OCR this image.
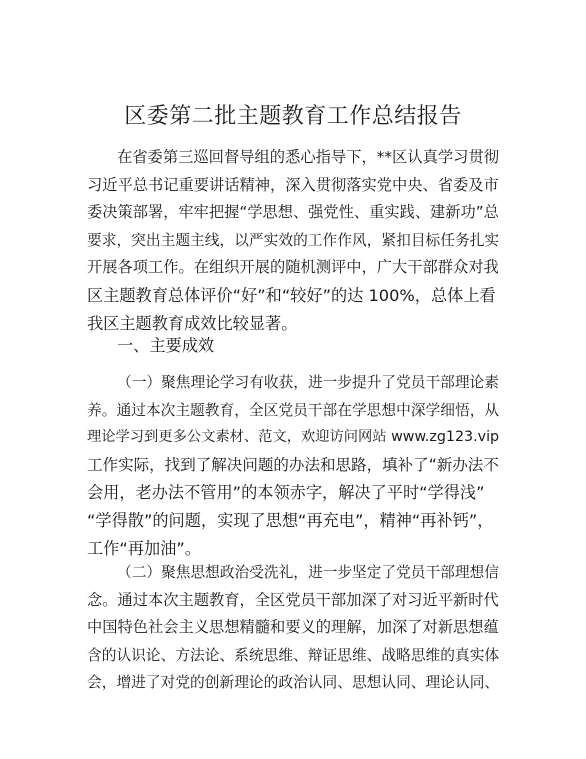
区委第二批主题教育工作总结报告
在省委第三巡回督导组的悉心指导下，**区认真学习贯彻
习近平总书记重要讲话精神，深入贯彻落实党中央、省委及市
委决策部署，牢牢把握“学思想、强党性、重实践、建新功”总
要求，突出主题主线，以严实效的工作作风，紧扣目标任务扎实
开展各项工作。在组织开展的随机测评中，广大干部群众对我
区主题教育总体评价“好”和“较好”的达 100%，总体上看
我区主题教育成效比较显著。

一、主要成效

（一）聚焦理论学习有收获，进一步提升了党员干部理论素
养。通过本次主题教育，全区党员干部在学思想中深学细悟，从
理论学习到更多公文素材、范文，欢迎访问网站 www.zg123.vip
工作实际，找到了解决问题的办法和思路，填补了“新办法不
会用，老办法不管用”的本领赤字，解决了平时“学得浅”
“学得散”的问题，实现了思想“再充电”，精神“再补钙”，
工作“再加油”。
（二）聚焦思想政治受洗礼，进一步坚定了党员干部理想信
念。通过本次主题教育，全区党员干部加深了对习近平新时代
中国特色社会主义思想精髓和要义的理解，加深了对新思想蕴
含的认识论、方法论、系统思维、辩证思维、战略思维的真实体
会，增进了对党的创新理论的政治认同、思想认同、理论认同、
